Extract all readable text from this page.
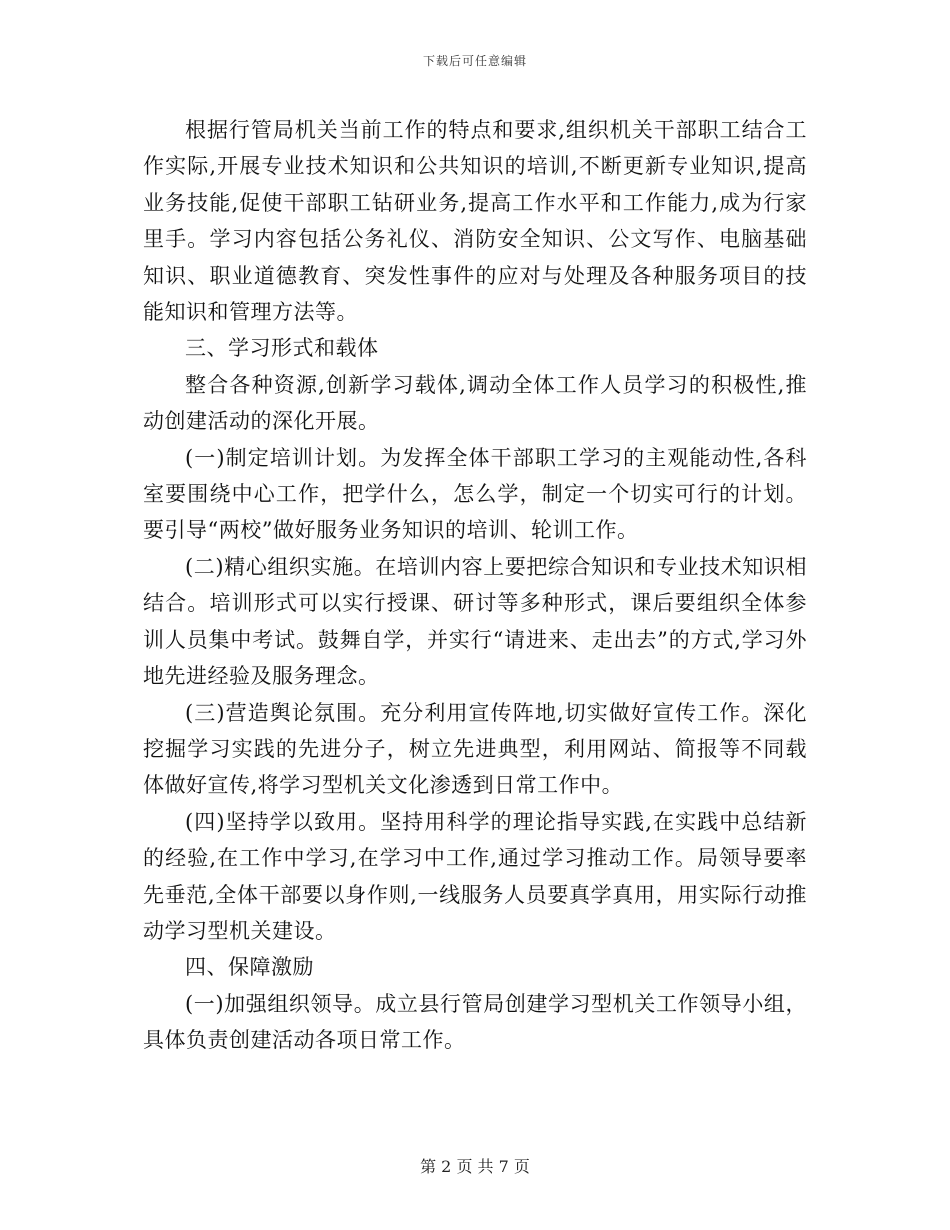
下载后可任意编辑

根据行管局机关当前工作的特点和要求,组织机关干部职工结合工作实际,开展专业技术知识和公共知识的培训,不断更新专业知识,提高业务技能,促使干部职工钻研业务,提高工作水平和工作能力,成为行家里手。学习内容包括公务礼仪、消防安全知识、公文写作、电脑基础知识、职业道德教育、突发性事件的应对与处理及各种服务项目的技能知识和管理方法等。

三、学习形式和载体

整合各种资源,创新学习载体,调动全体工作人员学习的积极性,推动创建活动的深化开展。

(一)制定培训计划。为发挥全体干部职工学习的主观能动性,各科室要围绕中心工作，把学什么，怎么学，制定一个切实可行的计划。要引导“两校”做好服务业务知识的培训、轮训工作。

(二)精心组织实施。在培训内容上要把综合知识和专业技术知识相结合。培训形式可以实行授课、研讨等多种形式，课后要组织全体参训人员集中考试。鼓舞自学，并实行“请进来、走出去”的方式,学习外地先进经验及服务理念。

(三)营造舆论氛围。充分利用宣传阵地,切实做好宣传工作。深化挖掘学习实践的先进分子，树立先进典型，利用网站、简报等不同载体做好宣传,将学习型机关文化渗透到日常工作中。

(四)坚持学以致用。坚持用科学的理论指导实践,在实践中总结新的经验,在工作中学习,在学习中工作,通过学习推动工作。局领导要率先垂范,全体干部要以身作则,一线服务人员要真学真用，用实际行动推动学习型机关建设。

四、保障激励

(一)加强组织领导。成立县行管局创建学习型机关工作领导小组，具体负责创建活动各项日常工作。

第 2 页 共 7 页
